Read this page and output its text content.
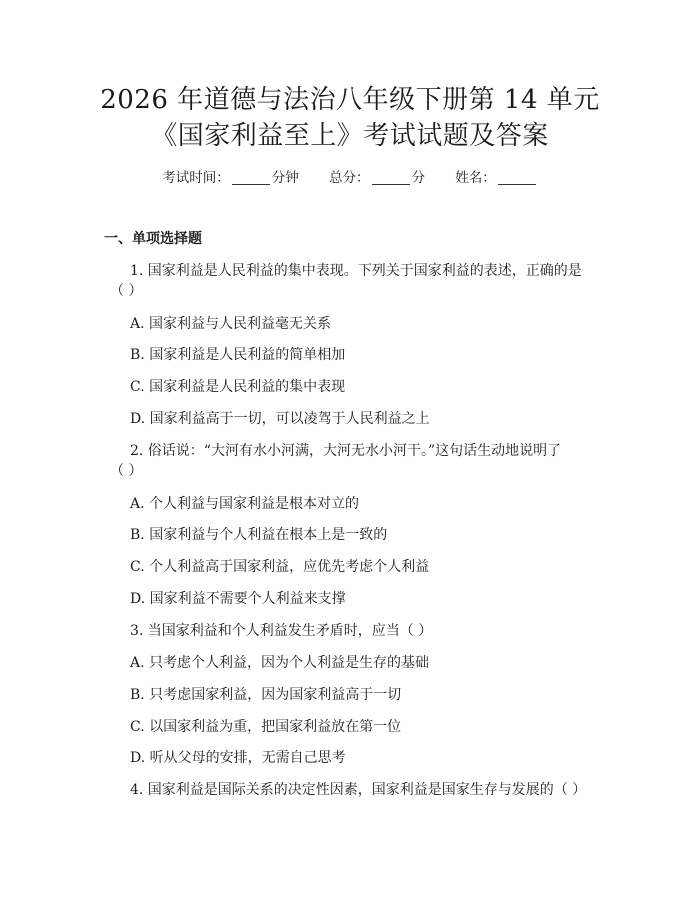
2026 年道德与法治八年级下册第 14 单元
《国家利益至上》考试试题及答案
考试时间：	分钟 总分：	分 姓名：
一、单项选择题
1. 国家利益是人民利益的集中表现。下列关于国家利益的表述，正确的是
（ ）
A. 国家利益与人民利益毫无关系
B. 国家利益是人民利益的简单相加
C. 国家利益是人民利益的集中表现
D. 国家利益高于一切，可以凌驾于人民利益之上
2. 俗话说：“大河有水小河满，大河无水小河干。”这句话生动地说明了
（ ）
A. 个人利益与国家利益是根本对立的
B. 国家利益与个人利益在根本上是一致的
C. 个人利益高于国家利益，应优先考虑个人利益
D. 国家利益不需要个人利益来支撑
3. 当国家利益和个人利益发生矛盾时，应当（ ）
A. 只考虑个人利益，因为个人利益是生存的基础
B. 只考虑国家利益，因为国家利益高于一切
C. 以国家利益为重，把国家利益放在第一位
D. 听从父母的安排，无需自己思考
4. 国家利益是国际关系的决定性因素，国家利益是国家生存与发展的（ ）
